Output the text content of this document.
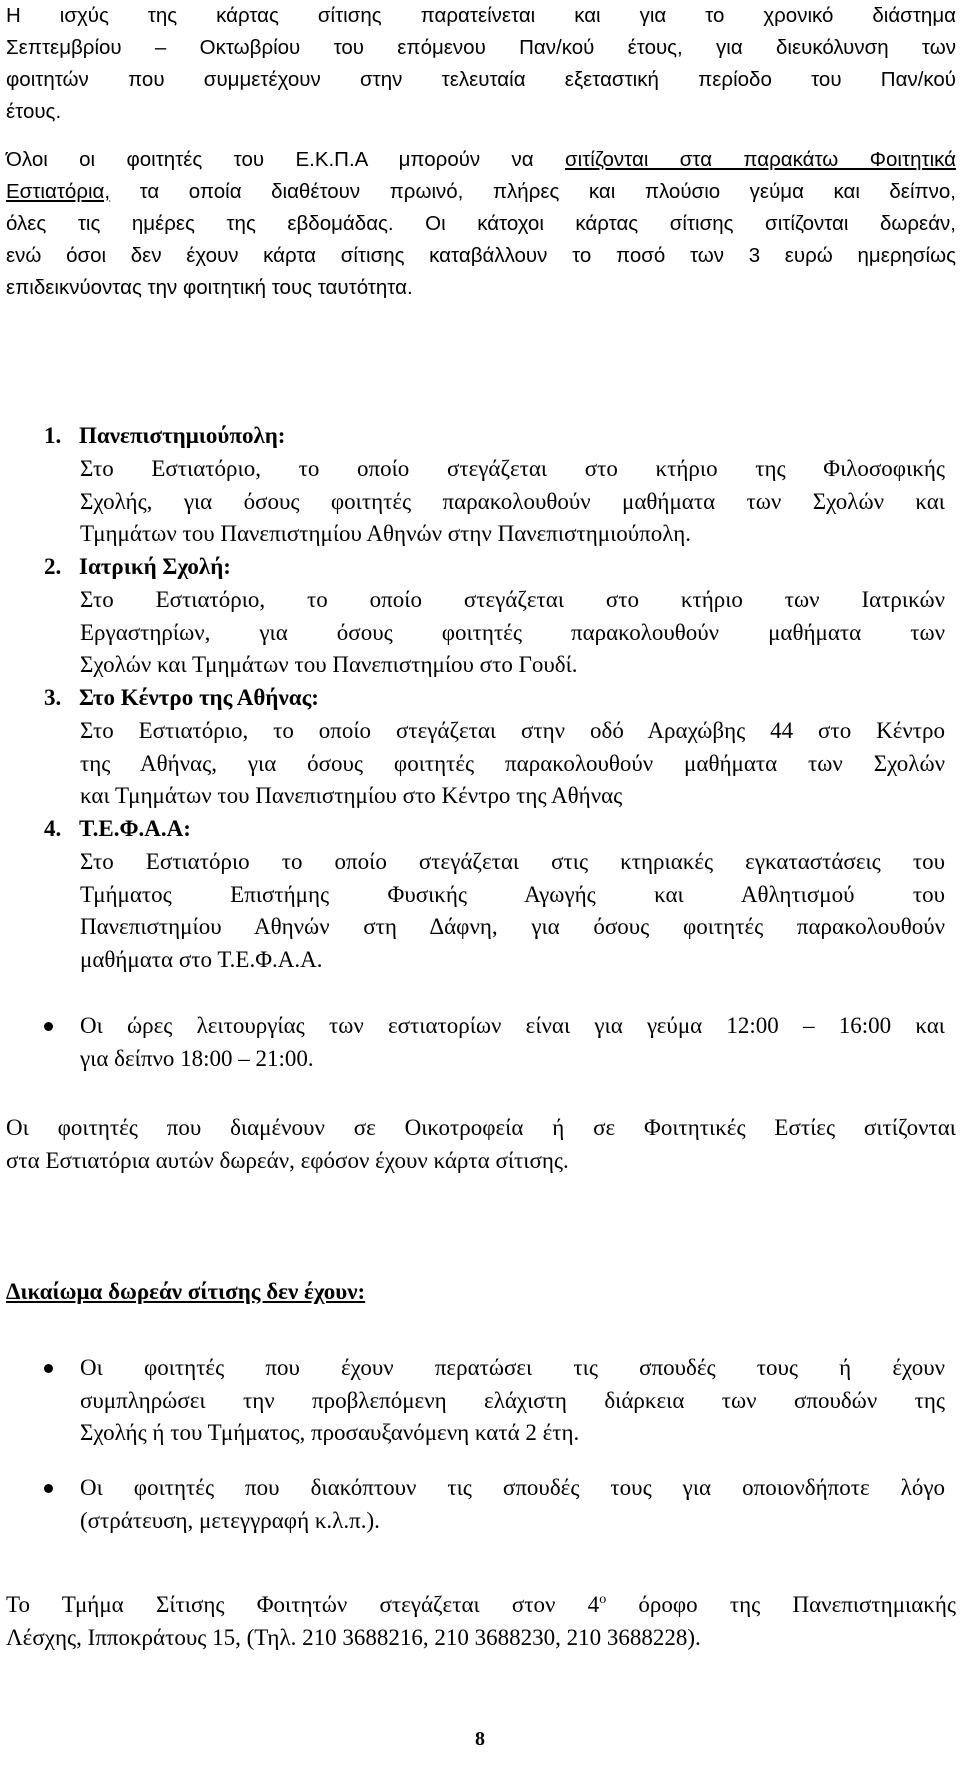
Η ισχύς της κάρτας σίτισης παρατείνεται και για το χρονικό διάστημα
Σεπτεμβρίου – Οκτωβρίου του επόμενου Παν/κού έτους, για διευκόλυνση των
φοιτητών που συμμετέχουν στην τελευταία εξεταστική περίοδο του Παν/κού
έτους.
Όλοι οι φοιτητές του Ε.Κ.Π.Α μπορούν να σιτίζονται στα παρακάτω Φοιτητικά
Εστιατόρια, τα οποία διαθέτουν πρωινό, πλήρες και πλούσιο γεύμα και δείπνο,
όλες τις ημέρες της εβδομάδας. Οι κάτοχοι κάρτας σίτισης σιτίζονται δωρεάν,
ενώ όσοι δεν έχουν κάρτα σίτισης καταβάλλουν το ποσό των 3 ευρώ ημερησίως
επιδεικνύοντας την φοιτητική τους ταυτότητα.
1. Πανεπιστημιούπολη:
Στο Εστιατόριο, το οποίο στεγάζεται στο κτήριο της Φιλοσοφικής
Σχολής, για όσους φοιτητές παρακολουθούν μαθήματα των Σχολών και
Τμημάτων του Πανεπιστημίου Αθηνών στην Πανεπιστημιούπολη.
2. Ιατρική Σχολή:
Στο Εστιατόριο, το οποίο στεγάζεται στο κτήριο των Ιατρικών
Εργαστηρίων, για όσους φοιτητές παρακολουθούν μαθήματα των
Σχολών και Τμημάτων του Πανεπιστημίου στο Γουδί.
3. Στο Κέντρο της Αθήνας:
Στο Εστιατόριο, το οποίο στεγάζεται στην οδό Αραχώβης 44 στο Κέντρο
της Αθήνας, για όσους φοιτητές παρακολουθούν μαθήματα των Σχολών
και Τμημάτων του Πανεπιστημίου στο Κέντρο της Αθήνας
4. Τ.Ε.Φ.Α.Α:
Στο Εστιατόριο το οποίο στεγάζεται στις κτηριακές εγκαταστάσεις του
Τμήματος Επιστήμης Φυσικής Αγωγής και Αθλητισμού του
Πανεπιστημίου Αθηνών στη Δάφνη, για όσους φοιτητές παρακολουθούν
μαθήματα στο Τ.Ε.Φ.Α.Α.
Οι ώρες λειτουργίας των εστιατορίων είναι για γεύμα 12:00 – 16:00 και
για δείπνο 18:00 – 21:00.
Οι φοιτητές που διαμένουν σε Οικοτροφεία ή σε Φοιτητικές Εστίες σιτίζονται
στα Εστιατόρια αυτών δωρεάν, εφόσον έχουν κάρτα σίτισης.
Δικαίωμα δωρεάν σίτισης δεν έχουν:
Οι φοιτητές που έχουν περατώσει τις σπουδές τους ή έχουν
συμπληρώσει την προβλεπόμενη ελάχιστη διάρκεια των σπουδών της
Σχολής ή του Τμήματος, προσαυξανόμενη κατά 2 έτη.
Οι φοιτητές που διακόπτουν τις σπουδές τους για οποιονδήποτε λόγο
(στράτευση, μετεγγραφή κ.λ.π.).
Το Τμήμα Σίτισης Φοιτητών στεγάζεται στον $4^o$ όροφο της Πανεπιστημιακής
Λέσχης, Ιπποκράτους 15, (Τηλ. 210 3688216, 210 3688230, 210 3688228).
8
